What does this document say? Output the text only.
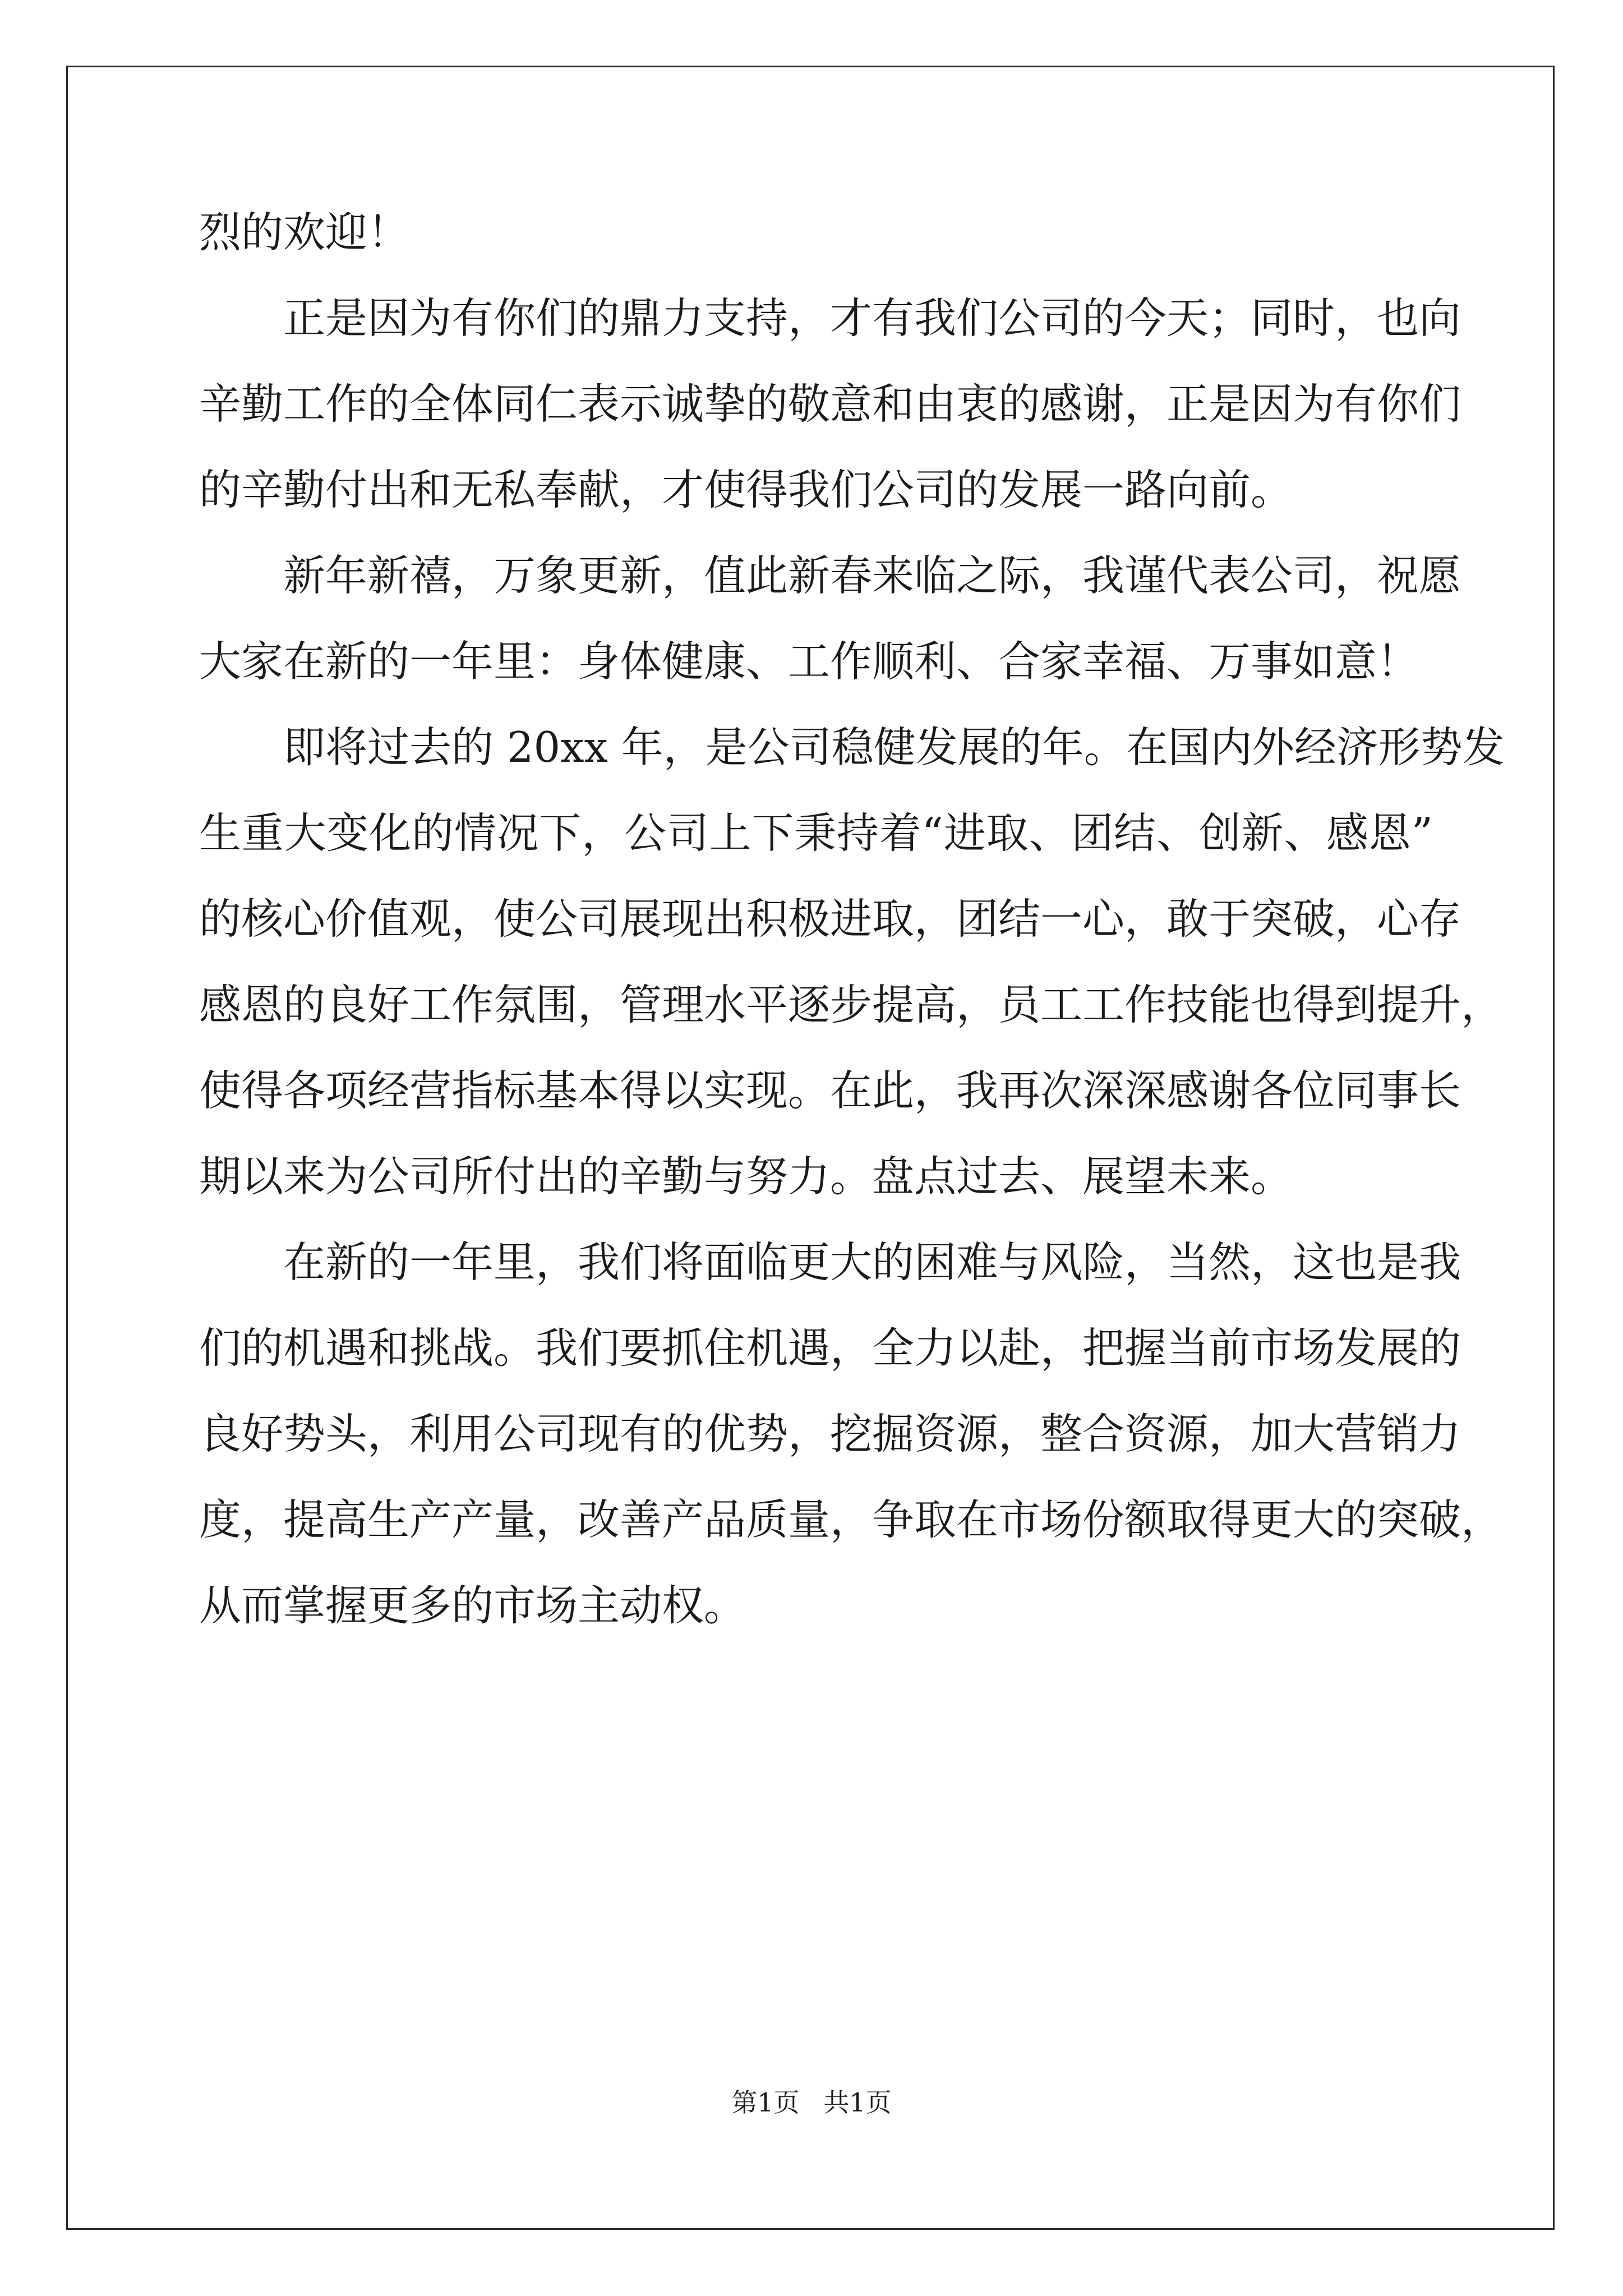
烈的欢迎！
正是因为有你们的鼎力支持，才有我们公司的今天；同时，也向
辛勤工作的全体同仁表示诚挚的敬意和由衷的感谢，正是因为有你们
的辛勤付出和无私奉献，才使得我们公司的发展一路向前。
新年新禧，万象更新，值此新春来临之际，我谨代表公司，祝愿
大家在新的一年里：身体健康、工作顺利、合家幸福、万事如意！
即将过去的 20xx 年，是公司稳健发展的年。在国内外经济形势发
生重大变化的情况下，公司上下秉持着“进取、团结、创新、感恩”
的核心价值观，使公司展现出积极进取，团结一心，敢于突破，心存
感恩的良好工作氛围，管理水平逐步提高，员工工作技能也得到提升，
使得各项经营指标基本得以实现。在此，我再次深深感谢各位同事长
期以来为公司所付出的辛勤与努力。盘点过去、展望未来。
在新的一年里，我们将面临更大的困难与风险，当然，这也是我
们的机遇和挑战。我们要抓住机遇，全力以赴，把握当前市场发展的
良好势头，利用公司现有的优势，挖掘资源，整合资源，加大营销力
度，提高生产产量，改善产品质量，争取在市场份额取得更大的突破，
从而掌握更多的市场主动权。
第1页 共1页
